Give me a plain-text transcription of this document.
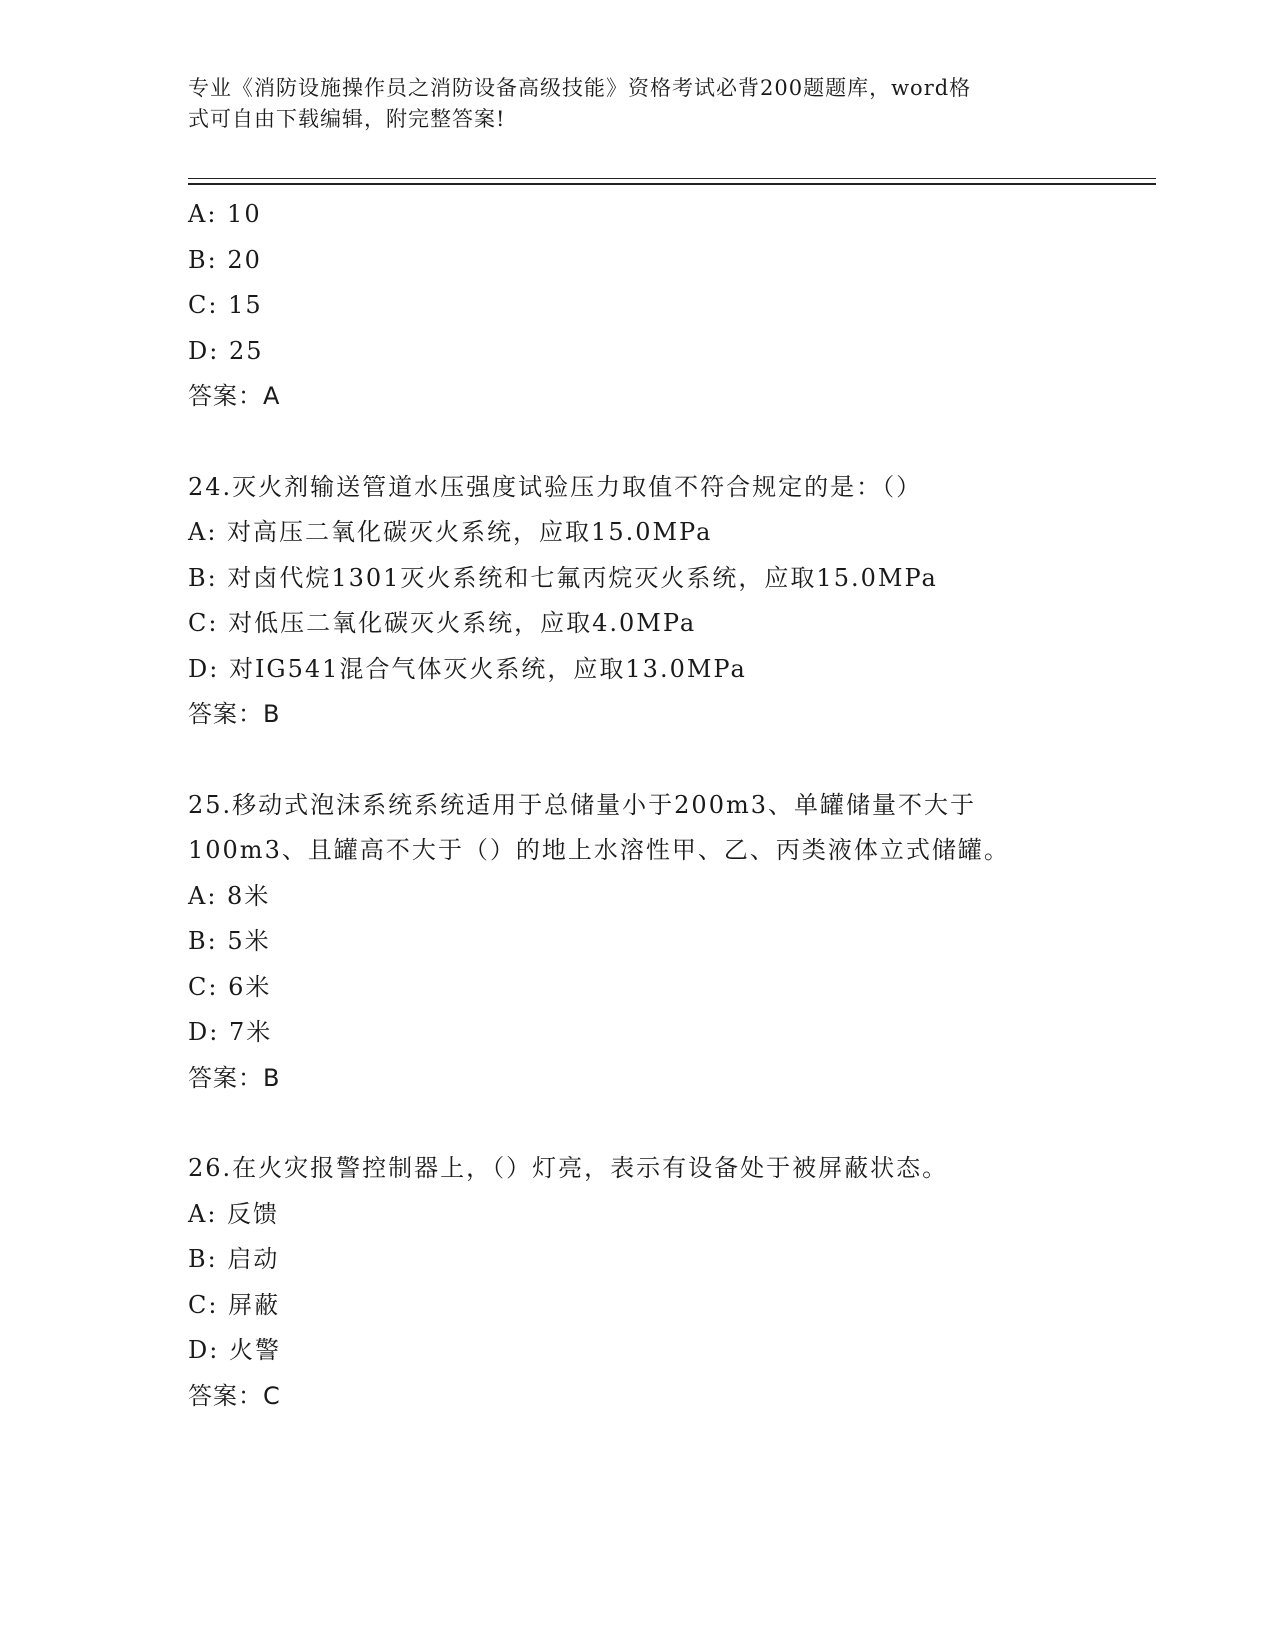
专业《消防设施操作员之消防设备高级技能》资格考试必背200题题库，word格
式可自由下载编辑，附完整答案!
A: 10
B: 20
C: 15
D: 25
答案：A
24.灭火剂输送管道水压强度试验压力取值不符合规定的是：（）
A: 对高压二氧化碳灭火系统，应取15.0MPa
B: 对卤代烷1301灭火系统和七氟丙烷灭火系统，应取15.0MPa
C: 对低压二氧化碳灭火系统，应取4.0MPa
D: 对IG541混合气体灭火系统，应取13.0MPa
答案：B
25.移动式泡沫系统系统适用于总储量小于200m3、单罐储量不大于
100m3、且罐高不大于（）的地上水溶性甲、乙、丙类液体立式储罐。
A: 8米
B: 5米
C: 6米
D: 7米
答案：B
26.在火灾报警控制器上，（）灯亮，表示有设备处于被屏蔽状态。
A: 反馈
B: 启动
C: 屏蔽
D: 火警
答案：C
